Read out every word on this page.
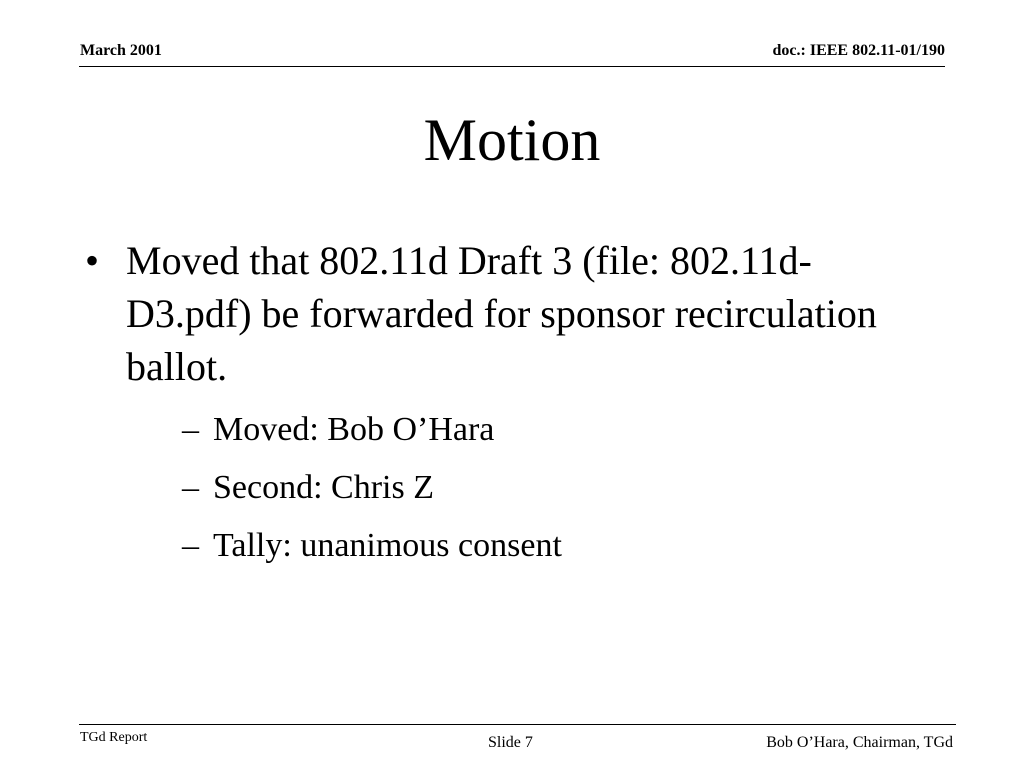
March 2001	doc.: IEEE 802.11-01/190
Motion
• Moved that 802.11d Draft 3 (file: 802.11d-D3.pdf) be forwarded for sponsor recirculation ballot.
– Moved: Bob O’Hara
– Second: Chris Z
– Tally: unanimous consent
TGd Report	Slide 7	Bob O’Hara, Chairman, TGd
